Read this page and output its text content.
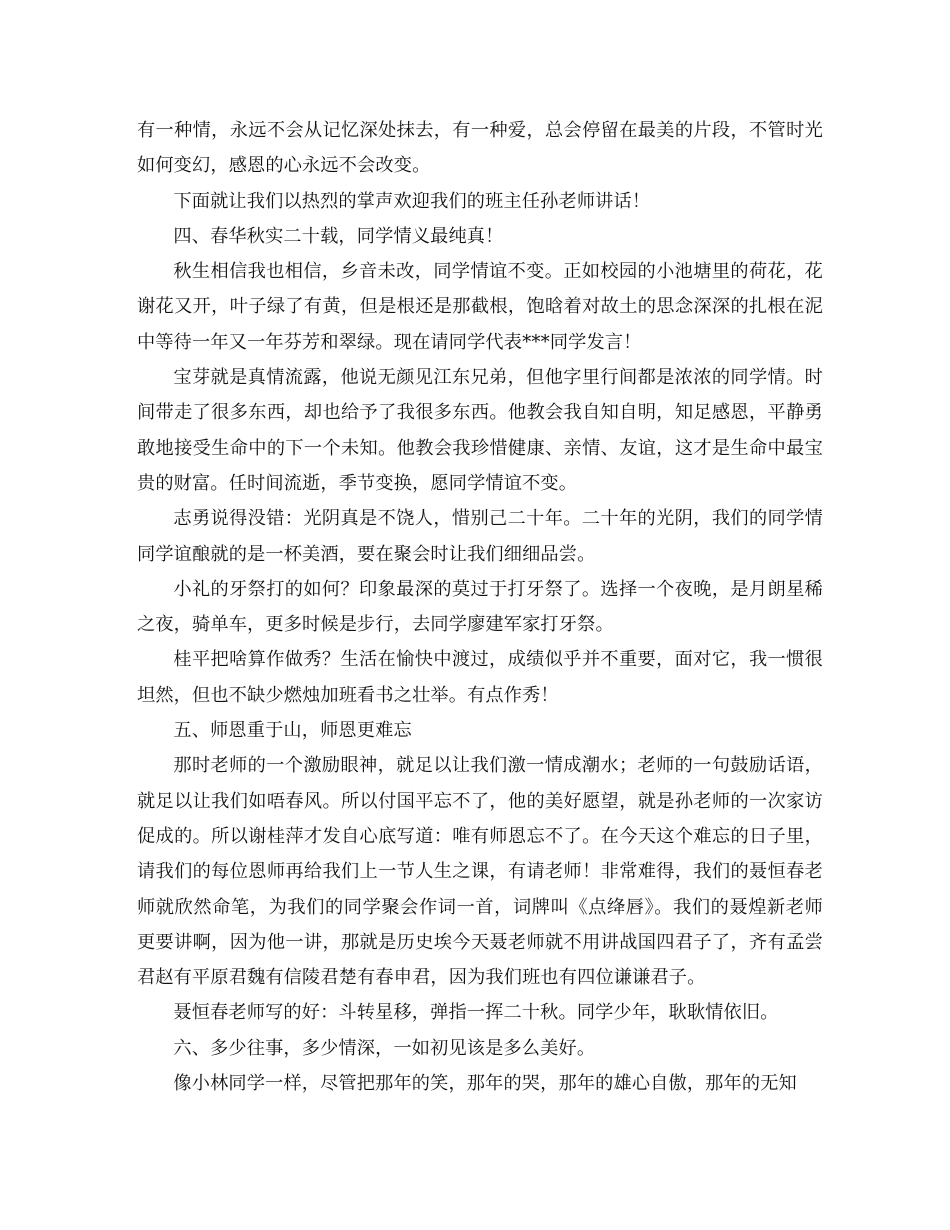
有一种情，永远不会从记忆深处抹去，有一种爱，总会停留在最美的片段，不管时光如何变幻，感恩的心永远不会改变。

下面就让我们以热烈的掌声欢迎我们的班主任孙老师讲话！

四、春华秋实二十载，同学情义最纯真！

秋生相信我也相信，乡音未改，同学情谊不变。正如校园的小池塘里的荷花，花谢花又开，叶子绿了有黄，但是根还是那截根，饱晗着对故土的思念深深的扎根在泥中等待一年又一年芬芳和翠绿。现在请同学代表***同学发言！

宝芽就是真情流露，他说无颜见江东兄弟，但他字里行间都是浓浓的同学情。时间带走了很多东西，却也给予了我很多东西。他教会我自知自明，知足感恩，平静勇敢地接受生命中的下一个未知。他教会我珍惜健康、亲情、友谊，这才是生命中最宝贵的财富。任时间流逝，季节变换，愿同学情谊不变。

志勇说得没错：光阴真是不饶人，惜别己二十年。二十年的光阴，我们的同学情同学谊酿就的是一杯美酒，要在聚会时让我们细细品尝。

小礼的牙祭打的如何？印象最深的莫过于打牙祭了。选择一个夜晚，是月朗星稀之夜，骑单车，更多时候是步行，去同学廖建军家打牙祭。

桂平把啥算作做秀？生活在愉快中渡过，成绩似乎并不重要，面对它，我一惯很坦然，但也不缺少燃烛加班看书之壮举。有点作秀！

五、师恩重于山，师恩更难忘

那时老师的一个激励眼神，就足以让我们激一情成潮水；老师的一句鼓励话语，就足以让我们如唔春风。所以付国平忘不了，他的美好愿望，就是孙老师的一次家访促成的。所以谢桂萍才发自心底写道：唯有师恩忘不了。在今天这个难忘的日子里，请我们的每位恩师再给我们上一节人生之课，有请老师！非常难得，我们的聂恒春老师就欣然命笔，为我们的同学聚会作词一首，词牌叫《点绛唇》。我们的聂煌新老师更要讲啊，因为他一讲，那就是历史埃今天聂老师就不用讲战国四君子了，齐有孟尝君赵有平原君魏有信陵君楚有春申君，因为我们班也有四位谦谦君子。

聂恒春老师写的好：斗转星移，弹指一挥二十秋。同学少年，耿耿情依旧。

六、多少往事，多少情深，一如初见该是多么美好。

像小林同学一样，尽管把那年的笑，那年的哭，那年的雄心自傲，那年的无知
